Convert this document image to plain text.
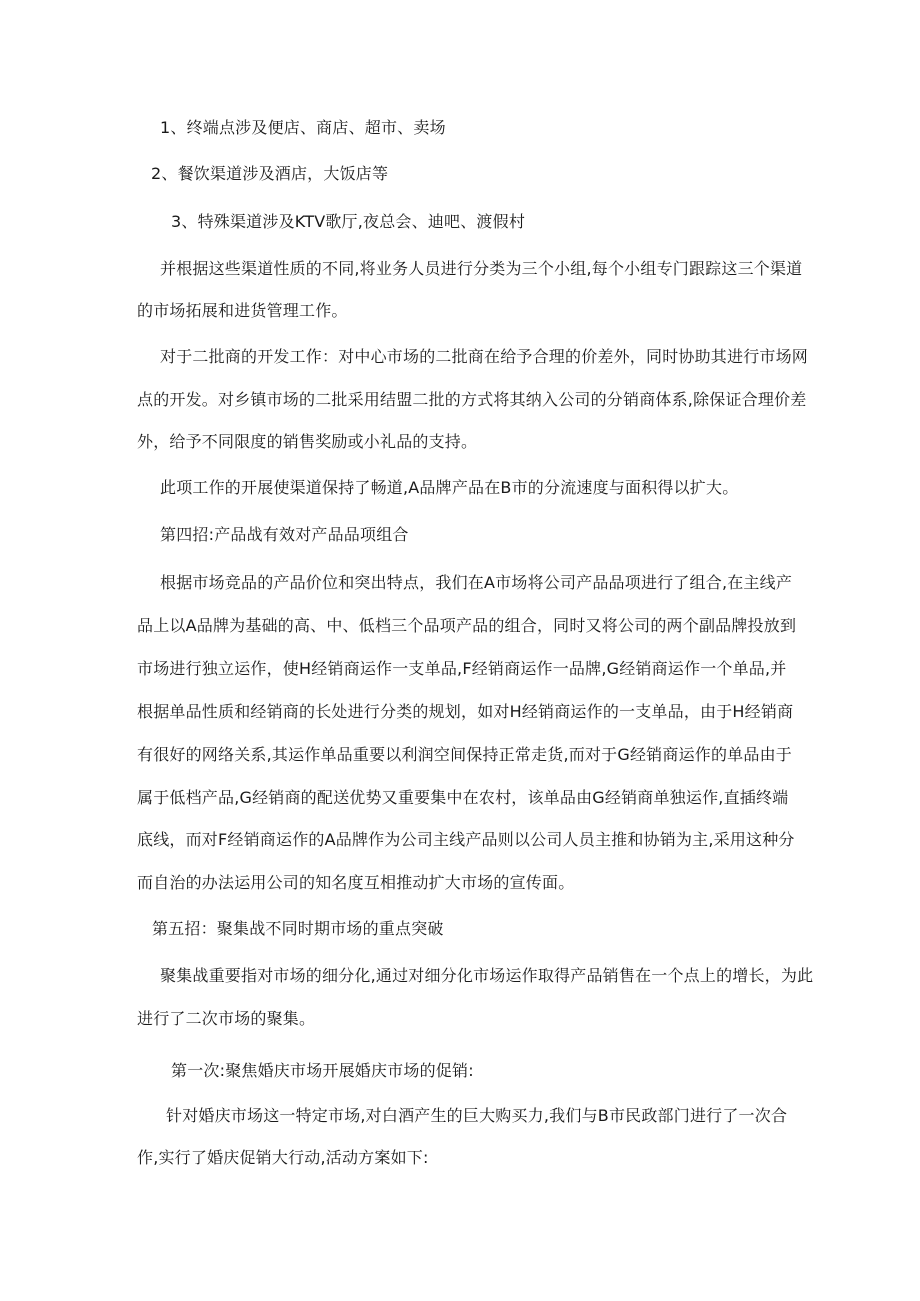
1、终端点涉及便店、商店、超市、卖场
2、餐饮渠道涉及酒店，大饭店等
3、特殊渠道涉及KTV歌厅,夜总会、迪吧、渡假村
并根据这些渠道性质的不同,将业务人员进行分类为三个小组,每个小组专门跟踪这三个渠道
的市场拓展和进货管理工作。
对于二批商的开发工作：对中心市场的二批商在给予合理的价差外，同时协助其进行市场网
点的开发。对乡镇市场的二批采用结盟二批的方式将其纳入公司的分销商体系,除保证合理价差
外，给予不同限度的销售奖励或小礼品的支持。
此项工作的开展使渠道保持了畅道,A品牌产品在B市的分流速度与面积得以扩大。
第四招:产品战有效对产品品项组合
根据市场竞品的产品价位和突出特点，我们在A市场将公司产品品项进行了组合,在主线产
品上以A品牌为基础的高、中、低档三个品项产品的组合，同时又将公司的两个副品牌投放到
市场进行独立运作，使H经销商运作一支单品,F经销商运作一品牌,G经销商运作一个单品,并
根据单品性质和经销商的长处进行分类的规划，如对H经销商运作的一支单品，由于H经销商
有很好的网络关系,其运作单品重要以利润空间保持正常走货,而对于G经销商运作的单品由于
属于低档产品,G经销商的配送优势又重要集中在农村，该单品由G经销商单独运作,直插终端
底线，而对F经销商运作的A品牌作为公司主线产品则以公司人员主推和协销为主,采用这种分
而自治的办法运用公司的知名度互相推动扩大市场的宣传面。
第五招：聚集战不同时期市场的重点突破
聚集战重要指对市场的细分化,通过对细分化市场运作取得产品销售在一个点上的增长，为此
进行了二次市场的聚集。
第一次:聚焦婚庆市场开展婚庆市场的促销:
针对婚庆市场这一特定市场,对白酒产生的巨大购买力,我们与B市民政部门进行了一次合
作,实行了婚庆促销大行动,活动方案如下:
